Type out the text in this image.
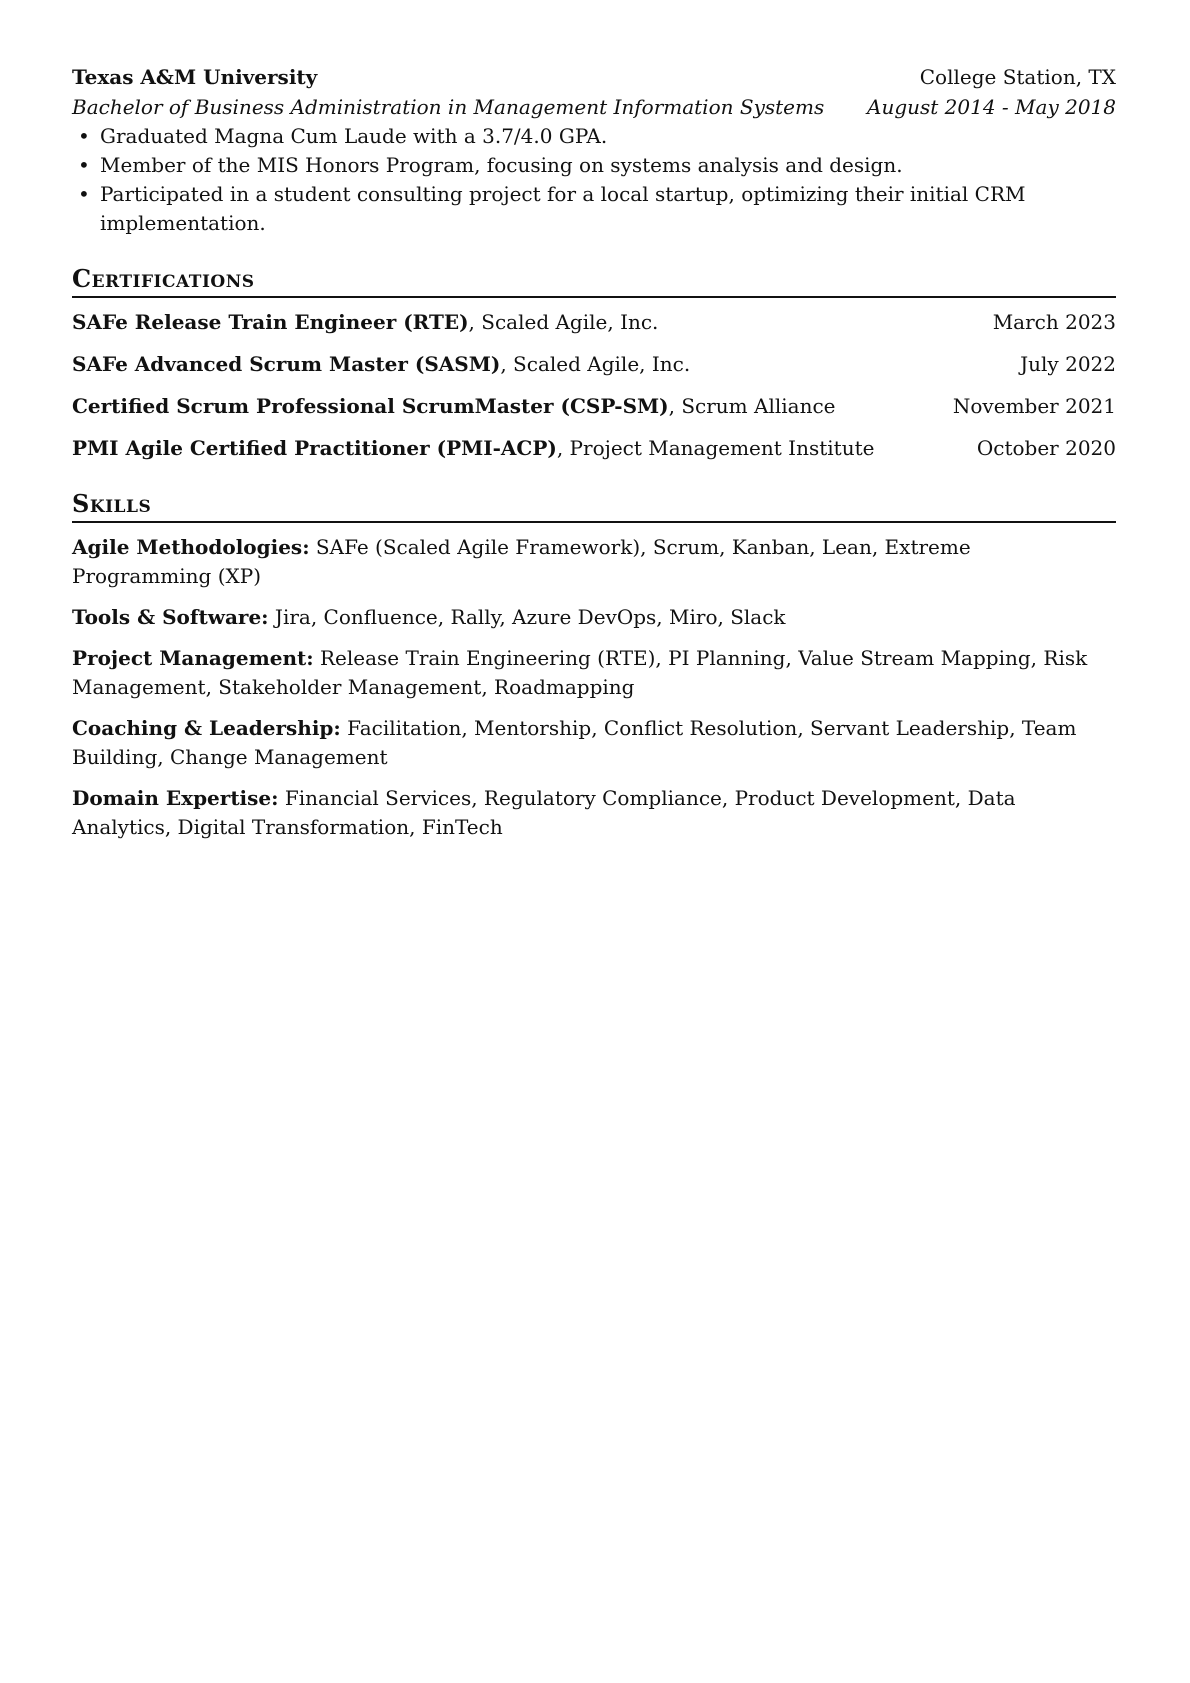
Texas A&M University	College Station, TX
Bachelor of Business Administration in Management Information Systems August 2014 - May 2018
• Graduated Magna Cum Laude with a 3.7/4.0 GPA.
• Member of the MIS Honors Program, focusing on systems analysis and design.
• Participated in a student consulting project for a local startup, optimizing their initial CRM implementation.
Certifications
SAFe Release Train Engineer (RTE), Scaled Agile, Inc.	March 2023
SAFe Advanced Scrum Master (SASM), Scaled Agile, Inc.	July 2022
Certified Scrum Professional ScrumMaster (CSP-SM), Scrum Alliance	November 2021
PMI Agile Certified Practitioner (PMI-ACP), Project Management Institute	October 2020
Skills
Agile Methodologies: SAFe (Scaled Agile Framework), Scrum, Kanban, Lean, Extreme Programming (XP)
Tools & Software: Jira, Confluence, Rally, Azure DevOps, Miro, Slack
Project Management: Release Train Engineering (RTE), PI Planning, Value Stream Mapping, Risk Management, Stakeholder Management, Roadmapping
Coaching & Leadership: Facilitation, Mentorship, Conflict Resolution, Servant Leadership, Team Building, Change Management
Domain Expertise: Financial Services, Regulatory Compliance, Product Development, Data Analytics, Digital Transformation, FinTech
